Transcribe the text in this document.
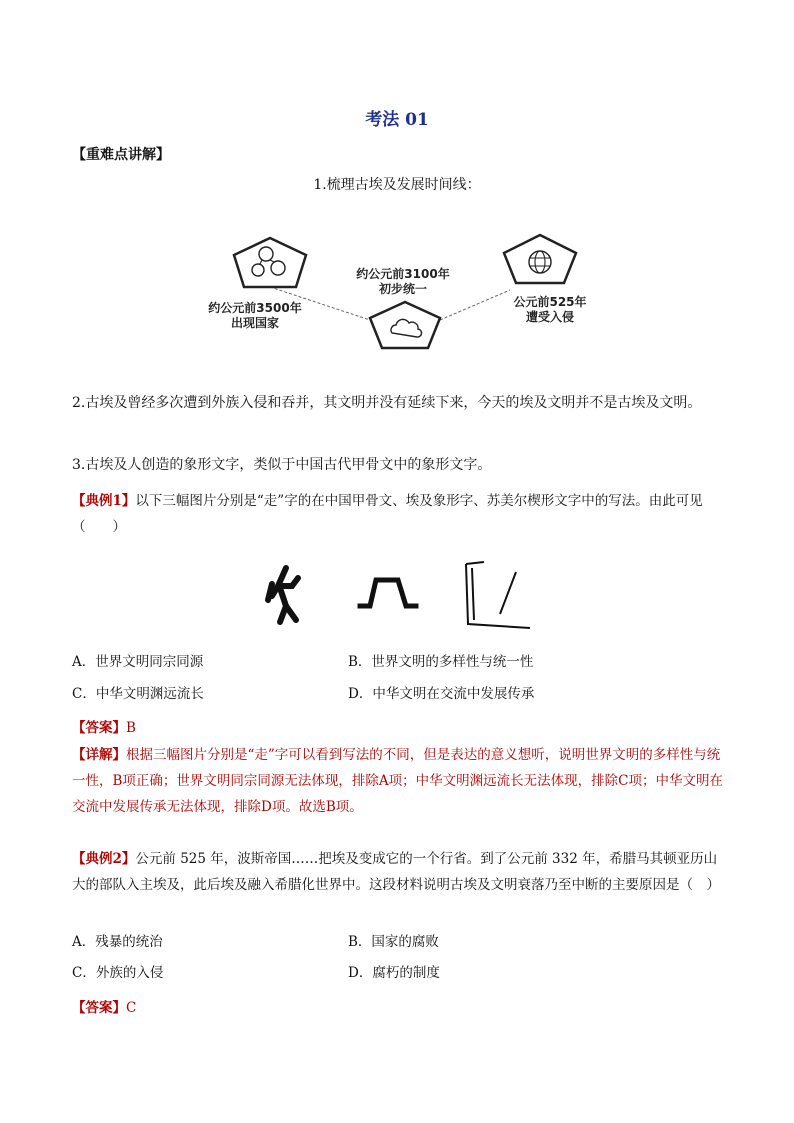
考法 01
【重难点讲解】
1.梳理古埃及发展时间线：
约公元前3500年
出现国家
约公元前3100年
初步统一
公元前525年
遭受入侵
2.古埃及曾经多次遭到外族入侵和吞并，其文明并没有延续下来，今天的埃及文明并不是古埃及文明。
3.古埃及人创造的象形文字，类似于中国古代甲骨文中的象形文字。
【典例1】以下三幅图片分别是“走”字的在中国甲骨文、埃及象形字、苏美尔楔形文字中的写法。由此可见（　　）
A．世界文明同宗同源	B．世界文明的多样性与统一性
C．中华文明渊远流长	D．中华文明在交流中发展传承
【答案】B
【详解】根据三幅图片分别是“走”字可以看到写法的不同，但是表达的意义想听，说明世界文明的多样性与统一性，B项正确；世界文明同宗同源无法体现，排除A项；中华文明渊远流长无法体现，排除C项；中华文明在交流中发展传承无法体现，排除D项。故选B项。
【典例2】公元前 525 年，波斯帝国……把埃及变成它的一个行省。到了公元前 332 年，希腊马其顿亚历山大的部队入主埃及，此后埃及融入希腊化世界中。这段材料说明古埃及文明衰落乃至中断的主要原因是（　）
A．残暴的统治	B．国家的腐败
C．外族的入侵	D．腐朽的制度
【答案】C
